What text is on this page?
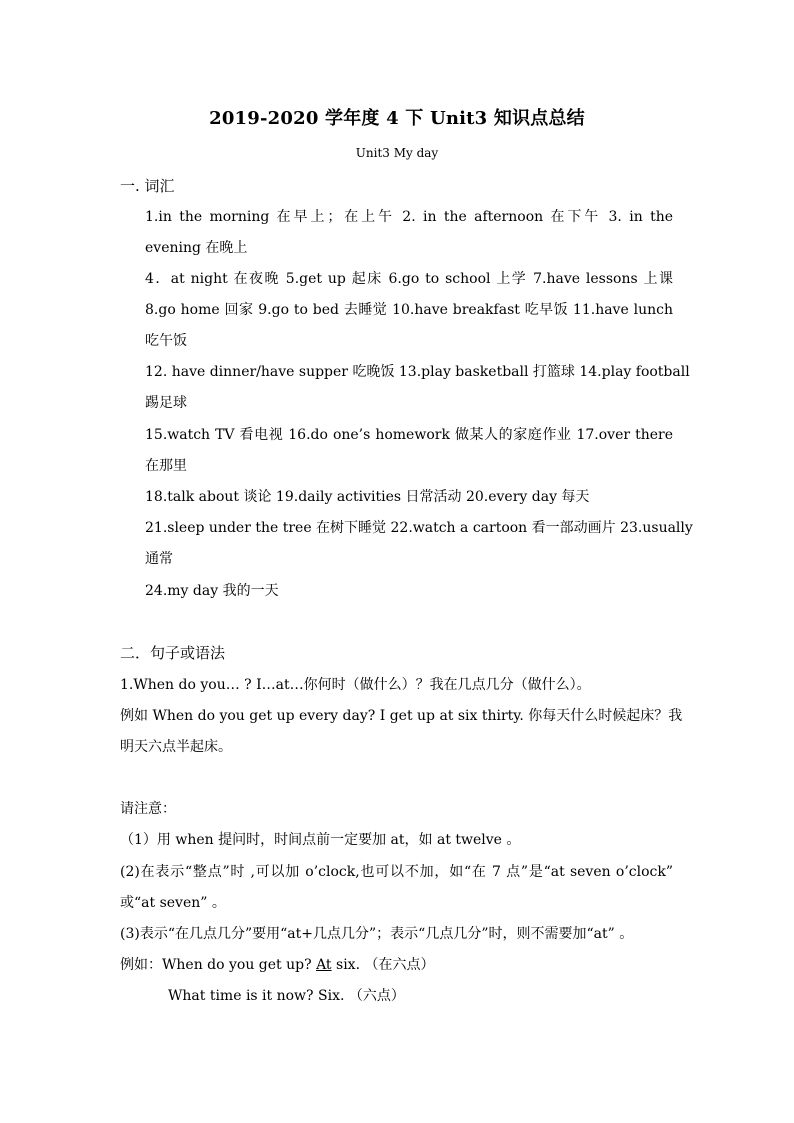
2019-2020 学年度 4 下 Unit3 知识点总结
Unit3 My day
一. 词汇
1.in the morning 在早上；在上午 2. in the afternoon 在下午 3. in the
evening 在晚上
4．at night 在夜晚 5.get up 起床 6.go to school 上学 7.have lessons 上课
8.go home 回家 9.go to bed 去睡觉 10.have breakfast 吃早饭 11.have lunch
吃午饭
12. have dinner/have supper 吃晚饭 13.play basketball 打篮球 14.play football
踢足球
15.watch TV 看电视 16.do one’s homework 做某人的家庭作业 17.over there
在那里
18.talk about 谈论 19.daily activities 日常活动 20.every day 每天
21.sleep under the tree 在树下睡觉 22.watch a cartoon 看一部动画片 23.usually
通常
24.my day 我的一天
二．句子或语法
1.When do you… ? I…at…你何时（做什么）？我在几点几分（做什么）。
例如 When do you get up every day? I get up at six thirty. 你每天什么时候起床？我
明天六点半起床。
请注意：
（1）用 when 提问时，时间点前一定要加 at，如 at twelve 。
(2)在表示“整点”时 ,可以加 o’clock,也可以不加，如“在 7 点”是“at seven o’clock”
或“at seven” 。
(3)表示“在几点几分”要用“at+几点几分”；表示“几点几分”时，则不需要加“at” 。
例如：When do you get up? At six. （在六点）
What time is it now? Six. （六点）
